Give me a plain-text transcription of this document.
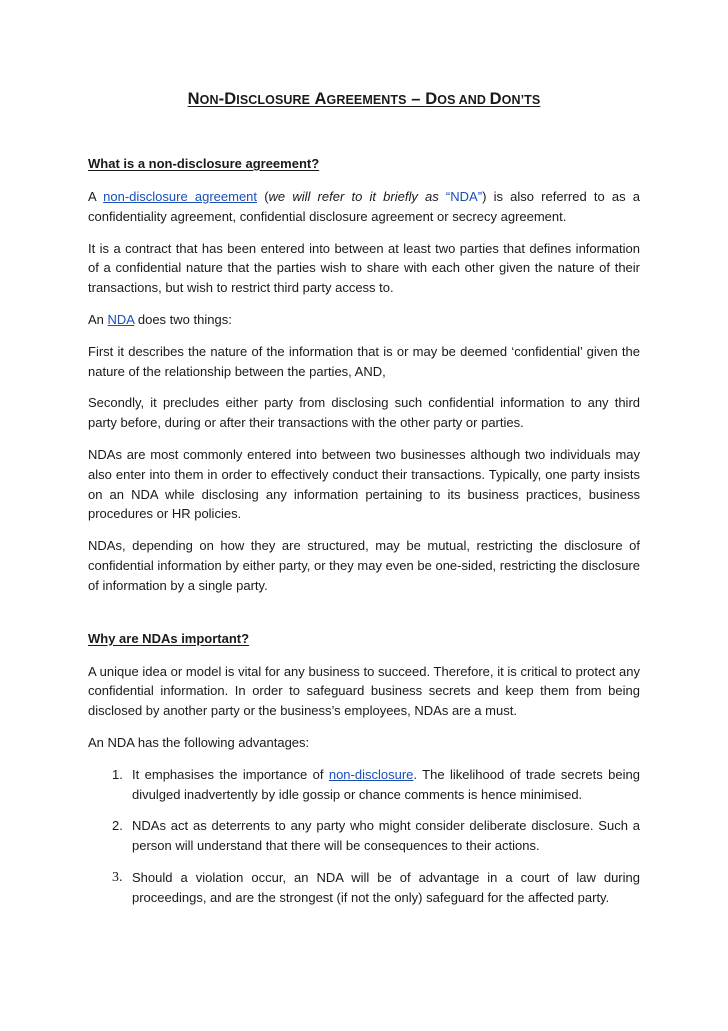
NON-DISCLOSURE AGREEMENTS – DOS AND DON’TS
What is a non-disclosure agreement?

A non-disclosure agreement (we will refer to it briefly as “NDA”) is also referred to as a confidentiality agreement, confidential disclosure agreement or secrecy agreement.

It is a contract that has been entered into between at least two parties that defines information of a confidential nature that the parties wish to share with each other given the nature of their transactions, but wish to restrict third party access to.

An NDA does two things:

First it describes the nature of the information that is or may be deemed ‘confidential’ given the nature of the relationship between the parties, AND,

Secondly, it precludes either party from disclosing such confidential information to any third party before, during or after their transactions with the other party or parties.

NDAs are most commonly entered into between two businesses although two individuals may also enter into them in order to effectively conduct their transactions. Typically, one party insists on an NDA while disclosing any information pertaining to its business practices, business procedures or HR policies.

NDAs, depending on how they are structured, may be mutual, restricting the disclosure of confidential information by either party, or they may even be one-sided, restricting the disclosure of information by a single party.

Why are NDAs important?

A unique idea or model is vital for any business to succeed. Therefore, it is critical to protect any confidential information. In order to safeguard business secrets and keep them from being disclosed by another party or the business’s employees, NDAs are a must.

An NDA has the following advantages:

1. It emphasises the importance of non-disclosure. The likelihood of trade secrets being divulged inadvertently by idle gossip or chance comments is hence minimised.
2. NDAs act as deterrents to any party who might consider deliberate disclosure. Such a person will understand that there will be consequences to their actions.
3. Should a violation occur, an NDA will be of advantage in a court of law during proceedings, and are the strongest (if not the only) safeguard for the affected party.
